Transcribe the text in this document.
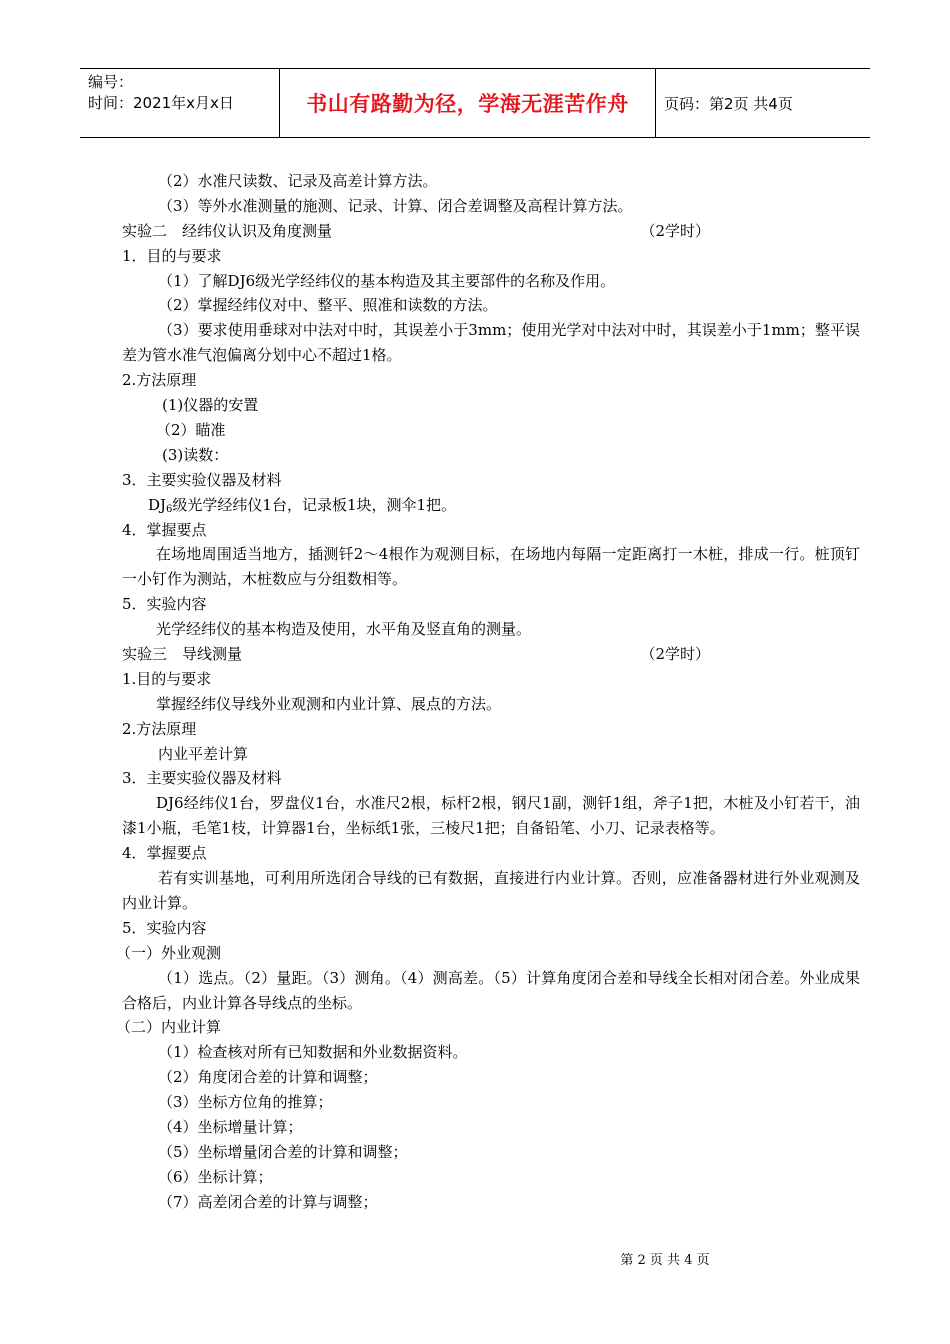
编号：
时间：2021年x月x日	书山有路勤为径，学海无涯苦作舟 页码：第2页 共4页
（2）水准尺读数、记录及高差计算方法。
（3）等外水准测量的施测、记录、计算、闭合差调整及高程计算方法。
实验二　经纬仪认识及角度测量	（2学时）
1．目的与要求
（1）了解DJ6级光学经纬仪的基本构造及其主要部件的名称及作用。
（2）掌握经纬仪对中、整平、照准和读数的方法。
（3）要求使用垂球对中法对中时，其误差小于3mm；使用光学对中法对中时，其误差小于1mm；整平误差为管水准气泡偏离分划中心不超过1格。
2.方法原理
(1)仪器的安置
（2）瞄准
(3)读数：
3．主要实验仪器及材料
$DJ_6$级光学经纬仪1台，记录板1块，测伞1把。
4．掌握要点
在场地周围适当地方，插测钎2～4根作为观测目标，在场地内每隔一定距离打一木桩，排成一行。桩顶钉一小钉作为测站，木桩数应与分组数相等。
5．实验内容
光学经纬仪的基本构造及使用，水平角及竖直角的测量。
实验三　导线测量	（2学时）
1.目的与要求
掌握经纬仪导线外业观测和内业计算、展点的方法。
2.方法原理
内业平差计算
3．主要实验仪器及材料
DJ6经纬仪1台，罗盘仪1台，水准尺2根，标杆2根，钢尺1副，测钎1组，斧子1把，木桩及小钉若干，油漆1小瓶，毛笔1枝，计算器1台，坐标纸1张，三棱尺1把；自备铅笔、小刀、记录表格等。
4．掌握要点
若有实训基地，可利用所选闭合导线的已有数据，直接进行内业计算。否则，应准备器材进行外业观测及内业计算。
5．实验内容
（一）外业观测
（1）选点。（2）量距。（3）测角。（4）测高差。（5）计算角度闭合差和导线全长相对闭合差。外业成果合格后，内业计算各导线点的坐标。
（二）内业计算
（1）检查核对所有已知数据和外业数据资料。
（2）角度闭合差的计算和调整；
（3）坐标方位角的推算；
（4）坐标增量计算；
（5）坐标增量闭合差的计算和调整；
（6）坐标计算；
（7）高差闭合差的计算与调整；
第 2 页 共 4 页
